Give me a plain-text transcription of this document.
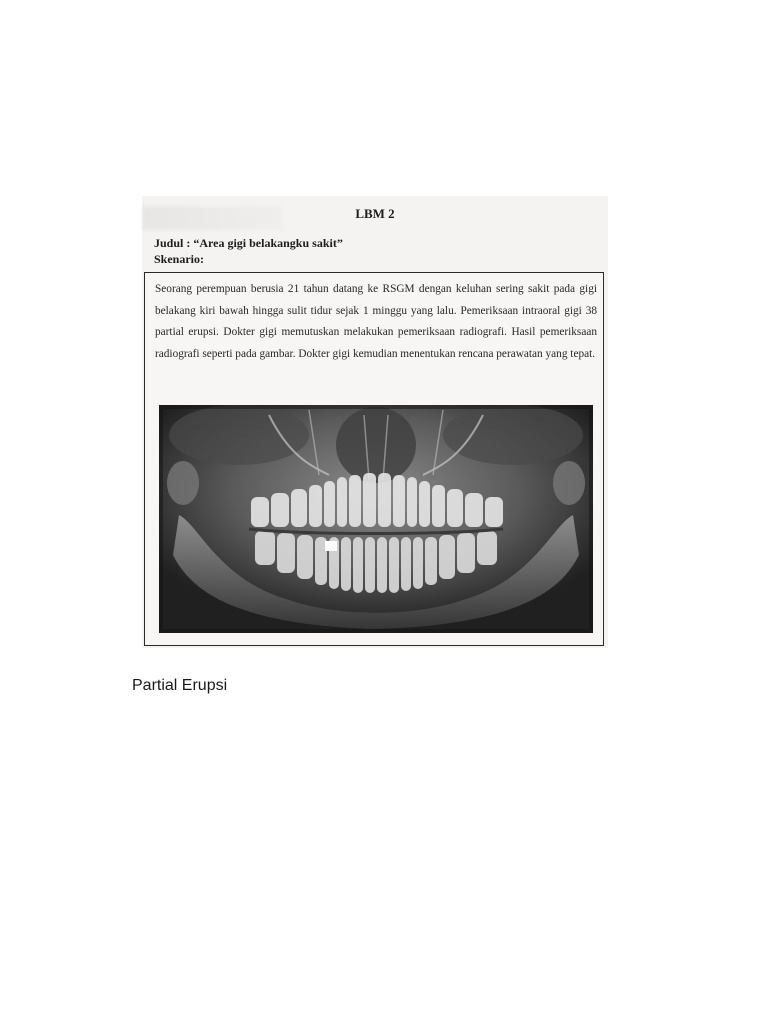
LBM 2
Judul : “Area gigi belakangku sakit”
Skenario:
Seorang perempuan berusia 21 tahun datang ke RSGM dengan keluhan sering sakit pada gigi belakang kiri bawah hingga sulit tidur sejak 1 minggu yang lalu. Pemeriksaan intraoral gigi 38 partial erupsi. Dokter gigi memutuskan melakukan pemeriksaan radiografi. Hasil pemeriksaan radiografi seperti pada gambar. Dokter gigi kemudian menentukan rencana perawatan yang tepat.
Partial Erupsi
